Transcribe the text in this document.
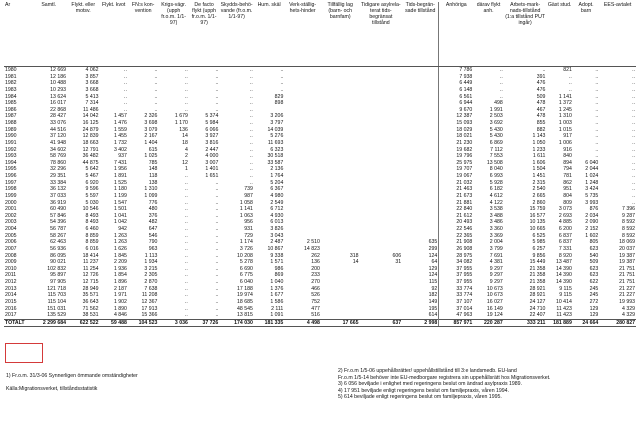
År	Samtl.	Flykt. eller motsv.	Flykt. kvot	FN:s kon-vention	Krigs-vägr. (upph fr.o.m. 1/1-97)	De facto flykt (upph fr.o.m. 1/1-97)	Skydds-behö-vande (fr.o.m. 1/1-97)	Hum. skäl	Verk-ställig-hets-hinder	Tillfällig lag (barn- och barnfam)	Tidigare asylrela-terat tids-begränsat tillstånd	Tids-begrän-sade tillstånd	Anhöriga	därav flykt anh.	Arbets-mark-nads-tillstånd (1:a tillstånd PUT ingår)	Gäst stud.	Adopt. barn	EES-avtalet
1980	12 669	4 062	..	..	..	..	..	..					7 786	..	..	821	..	..
1981	12 186	3 857	..	..	..	..	..	..					7 938	..	391	..	..	..
1982	10 488	3 668	..	..	..	..	..	..					6 449	..	476	..	..	..
1983	10 293	3 668	..	..	..	..	..	..					6 148	..	476	..	..	..
1984	13 624	5 413	..	..	..	..	..	829					6 561	..	509	1 141	..	..
1985	16 017	7 314	..	..	..	..	..	898					6 944	498	478	1 372	..	..
1986	22 868	11 486	..	..	..	..	..						9 670	1 991	467	1 245	..	..
1987	28 427	14 042	1 457	2 326	1 679	5 374	..	3 206					12 387	2 503	478	1 310	..	..
1988	33 076	16 125	1 476	3 698	1 170	5 984	..	3 797					15 093	3 692	855	1 003	..	..
1989	44 516	24 879	1 559	3 079	136	6 066	..	14 039					18 029	5 430	882	1 015	..	..
1990	37 120	12 839	1 455	2 167	14	3 927	..	5 276					18 021	5 430	1 143	917	..	..
1991	41 948	18 663	1 732	1 404	18	3 816	..	11 693					21 230	6 869	1 050	1 006	..	..
1992	34 602	12 791	3 402	615	4	2 447	..	6 323					19 682	7 112	1 233	916	..	..
1993	58 769	36 482	937	1 025	2	4 000	..	30 518					19 796	7 553	1 611	840	..	..
1994	78 860	44 875	7 431	785	12	3 007	..	33 587					25 975	13 508	1 606	894	6 040	..
1995	32 296	5 642	1 956	148	1	1 401	..	2 136					19 707	8 040	1 504	794	2 044	..
1996	29 351	5 467	1 891	118	..	1 651	..	1 764					19 067	6 993	1 451	781	1 024	..
1997	33 384	6 920	1 525	138	..	..	..	5 204					21 032	5 928	2 315	862	1 248	..
1998	36 132	9 596	1 180	1 310	..	..	739	6 367					21 463	6 182	2 540	951	3 424	..
1999	37 033	5 597	1 199	1 099	..	..	987	4 980					21 673	4 612	2 665	804	5 735	..
2000	36 919	5 030	1 547	776	..	..	1 058	2 549					21 881	4 122	2 860	809	3 993	..
2001	60 490	10 546	1 501	480	..	..	1 141	6 712					22 840	3 538	15 759	3 073	876	7 396
2002	57 846	8 493	1 041	376	..	..	1 063	4 930					21 612	3 488	16 577	2 693	2 034	9 287
2003	54 396	8 493	1 042	482	..	..	956	6 013					20 493	3 486	10 135	4 885	2 090	8 592
2004	56 787	6 460	942	647	..	..	931	3 826					22 546	3 360	10 665	6 200	2 152	8 592
2005	58 267	8 859	1 263	546	..	..	729	3 043					22 365	3 369	6 525	6 837	1 602	8 592
2006	62 463	8 859	1 263	790	..	..	1 174	2 487	2 510			635	21 908	2 004	5 985	6 837	805	18 069
2007	56 936	6 016	1 626	963	..	..	3 726	10 867	14 823			299	26 908	3 799	6 257	7 331	623	20 037
2008	86 095	18 414	1 845	1 113	..	..	10 208	9 338	262	318	606	124	28 975	7 691	9 856	8 920	540	19 387
2009	90 021	11 237	2 209	1 934	..	..	5 278	1 571	136	14	31	64	34 082	4 381	15 449	13 487	509	19 387
2010	102 832	11 254	1 936	3 215	..	..	6 690	986	200			129	37 955	9 297	21 358	14 390	623	21 751
2011	95 897	12 726	1 854	2 305	..	..	6 775	869	233			124	37 955	9 297	21 358	14 390	623	21 751
2012	97 905	12 715	1 896	2 870	..	..	6 040	1 040	270			115	37 955	9 297	21 358	14 390	622	21 751
2013	121 718	28 949	2 187	7 638	..	..	17 188	1 376	466			92	33 774	10 673	28 921	9 115	245	21 227
2014	115 703	35 571	1 971	11 208	..	..	19 974	1 677	526			182	33 774	10 673	28 921	9 115	245	21 227
2015	115 104	36 643	1 902	12 367	..	..	18 685	1 586	752			149	37 107	16 027	24 127	10 414	272	19 993
2016	151 031	71 562	1 890	17 913	..	..	48 545	2 111	477			195	37 014	16 149	24 710	11 423	129	4 329
2017	135 529	38 531	4 846	15 366	..	..	13 815	1 091	516			614	47 963	19 124	22 407	11 423	129	4 329
TOTALT	2 299 684	622 522	59 488	104 523	3 036	37 726	174 030	181 335	4 498	17 665	637	2 998	857 971	220 287	333 211	181 889	24 664	280 827
1) Fr.o.m. 31/3-06 Synnerligen ömmande omständigheter

Källa:Migrationsverket, tillståndsstatistik
2) Fr.o.m 1/5-06 uppehållsrätter/ uppehållstillstånd till 3:e landsmedb. EU-land
Fr.o.m 1/5-14 behöver inte EU-medborgare registrera sin uppehållsrätt hos Migrationsverket.
3) 6 056 beviljade i enlighet med regeringens beslut om ändrad asylpraxis 1989.
4) 17 951 beviljade enligt regeringens beslut om familjepraxis, våren 1994.
5) 614 beviljade enligt regeringens beslut om familjepraxis, våren 1995.
